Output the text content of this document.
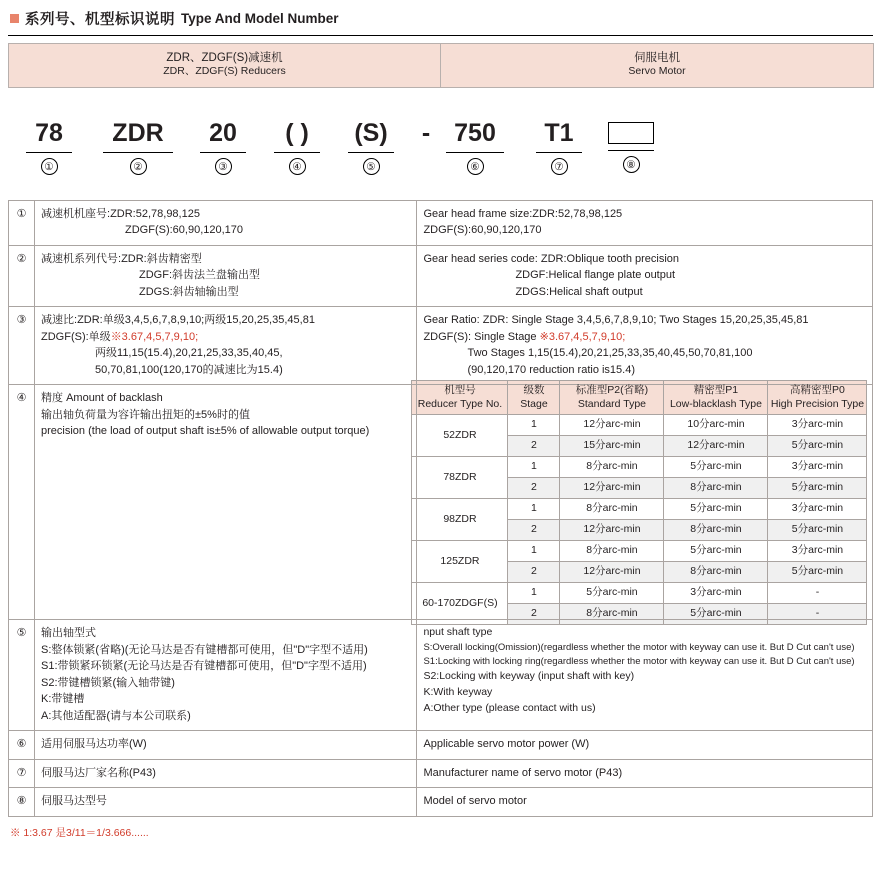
系列号、机型标识说明 Type And Model Number
ZDR、ZDGF(S)减速机
ZDR、ZDGF(S) Reducers

伺服电机
Servo Motor
78
①
ZDR
②
20
③
( )
④
(S)
⑤
- 750
⑥
T1
⑦	⑧
①	减速机机座号:ZDR:52,78,98,125
ZDGF(S):60,90,120,170

Gear head frame size:ZDR:52,78,98,125
ZDGF(S):60,90,120,170

②	减速机系列代号:ZDR:斜齿精密型
ZDGF:斜齿法兰盘输出型
ZDGS:斜齿轴输出型

Gear head series code: ZDR:Oblique tooth precision
ZDGF:Helical flange plate output
ZDGS:Helical shaft output

③	减速比:ZDR:单级3,4,5,6,7,8,9,10;两级15,20,25,35,45,81
ZDGF(S):单级※3.67,4,5,7,9,10;
两级11,15(15.4),20,21,25,33,35,40,45,
50,70,81,100(120,170的减速比为15.4)

Gear Ratio: ZDR: Single Stage 3,4,5,6,7,8,9,10; Two Stages 15,20,25,35,45,81
ZDGF(S): Single Stage ※3.67,4,5,7,9,10;
Two Stages 1,15(15.4),20,21,25,33,35,40,45,50,70,81,100
(90,120,170 reduction ratio is15.4)

④	精度 Amount of backlash
输出轴负荷量为容许输出扭矩的±5%时的值
precision (the load of output shaft is±5% of allowable output torque)

机型号
Reducer Type No.

级数
Stage

标准型P2(省略)
Standard Type

精密型P1
Low-blacklash Type

高精密型P0
High Precision Type

52ZDR	1	12分arc-min	10分arc-min	3分arc-min
2	15分arc-min	12分arc-min	5分arc-min
78ZDR	1	8分arc-min	5分arc-min	3分arc-min
2	12分arc-min	8分arc-min	5分arc-min
98ZDR	1	8分arc-min	5分arc-min	3分arc-min
2	12分arc-min	8分arc-min	5分arc-min
125ZDR	1	8分arc-min	5分arc-min	3分arc-min
2	12分arc-min	8分arc-min	5分arc-min
60-170ZDGF(S)	1	5分arc-min	3分arc-min	-
2	8分arc-min	5分arc-min	-

⑤	输出轴型式
S:整体锁紧(省略)(无论马达是否有键槽都可使用，但"D"字型不适用)
S1:带锁紧环锁紧(无论马达是否有键槽都可使用，但"D"字型不适用)
S2:带键槽锁紧(输入轴带键)
K:带键槽
A:其他适配器(请与本公司联系)

nput shaft type
S:Overall locking(Omission)(regardless whether the motor with keyway can use it. But D Cut can't use)
S1:Locking with locking ring(regardless whether the motor with keyway can use it. But D Cut can't use)
S2:Locking with keyway (input shaft with key)
K:With keyway
A:Other type (please contact with us)

⑥	适用伺服马达功率(W)	Applicable servo motor power (W)
⑦	伺服马达厂家名称(P43)	Manufacturer name of servo motor (P43)
⑧	伺服马达型号	Model of servo motor
※ 1:3.67 是3/11＝1/3.666......
